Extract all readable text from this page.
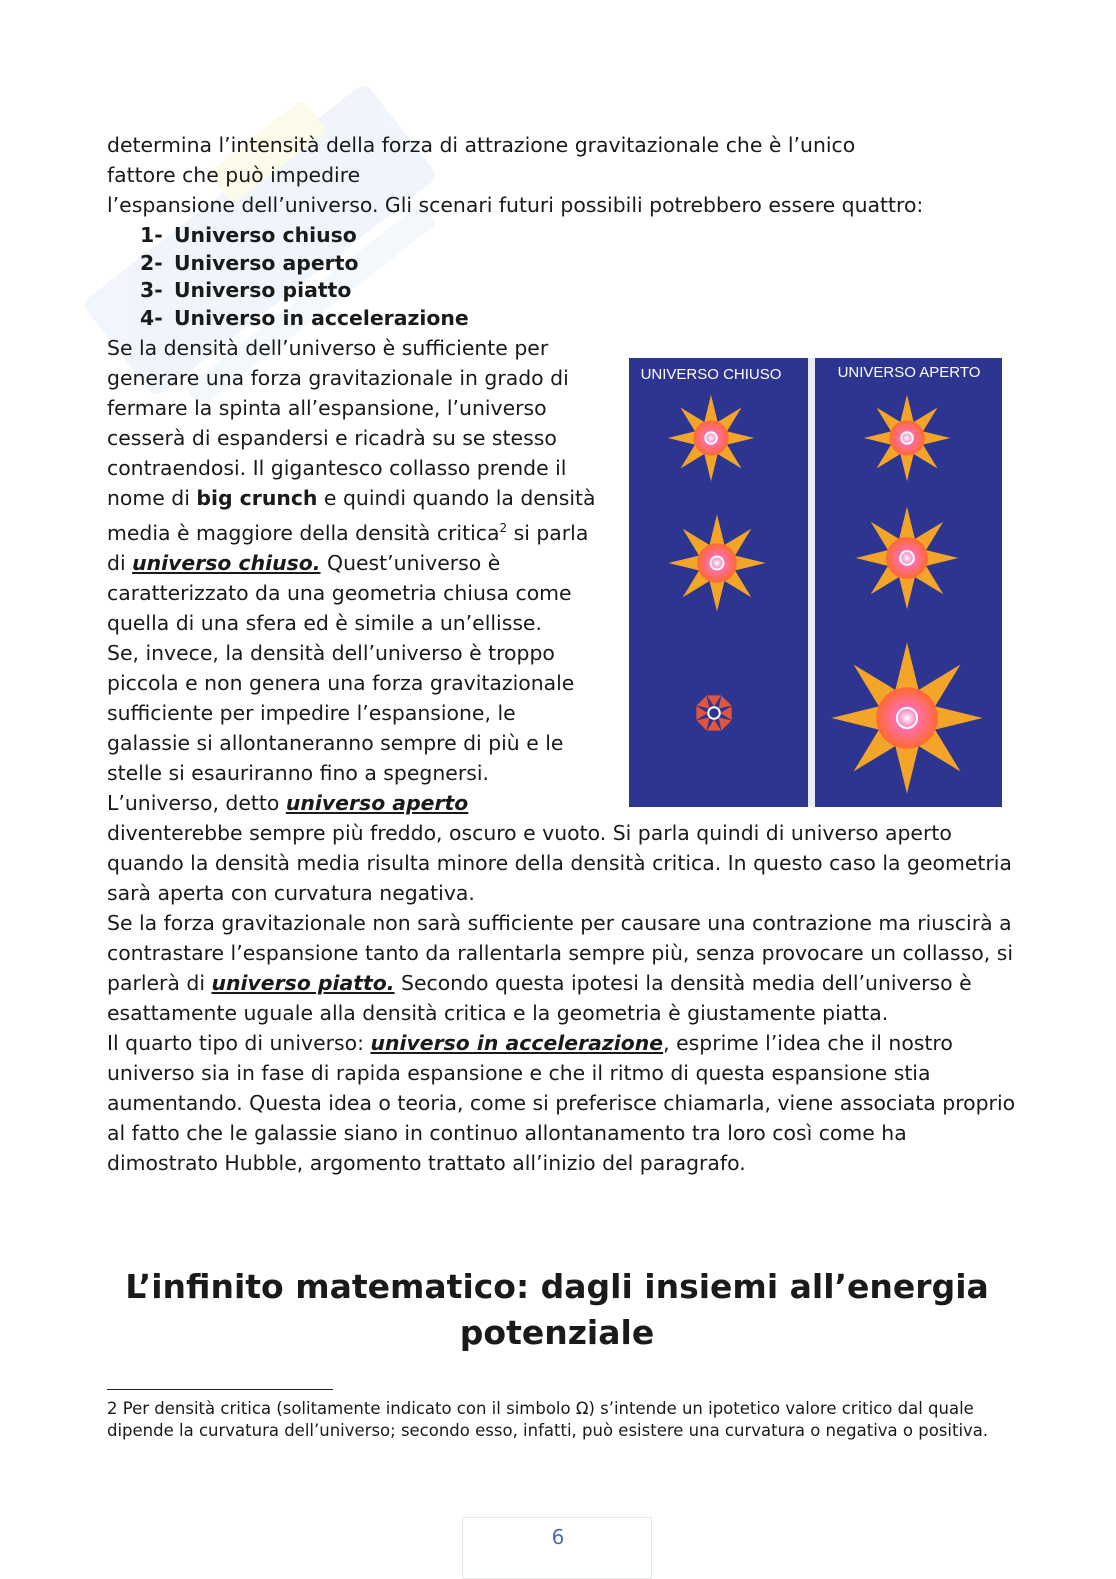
determina l’intensità della forza di attrazione gravitazionale che è l’unico
fattore che può impedire
l’espansione dell’universo. Gli scenari futuri possibili potrebbero essere quattro:
1- Universo chiuso
2- Universo aperto
3- Universo piatto
4- Universo in accelerazione
UNIVERSO CHIUSO	UNIVERSO APERTO
Se la densità dell’universo è sufficiente per generare una forza gravitazionale in grado di fermare la spinta all’espansione, l’universo cesserà di espandersi e ricadrà su se stesso contraendosi. Il gigantesco collasso prende il nome di big crunch e quindi quando la densità media è maggiore della densità critica$^2$ si parla di universo chiuso. Quest’universo è caratterizzato da una geometria chiusa come quella di una sfera ed è simile a un’ellisse.
Se, invece, la densità dell’universo è troppo piccola e non genera una forza gravitazionale sufficiente per impedire l’espansione, le galassie si allontaneranno sempre di più e le stelle si esauriranno fino a spegnersi. L’universo, detto universo aperto diventerebbe sempre più freddo, oscuro e vuoto. Si parla quindi di universo aperto quando la densità media risulta minore della densità critica. In questo caso la geometria sarà aperta con curvatura negativa.
Se la forza gravitazionale non sarà sufficiente per causare una contrazione ma riuscirà a contrastare l’espansione tanto da rallentarla sempre più, senza provocare un collasso, si parlerà di universo piatto. Secondo questa ipotesi la densità media dell’universo è esattamente uguale alla densità critica e la geometria è giustamente piatta.
Il quarto tipo di universo: universo in accelerazione, esprime l’idea che il nostro universo sia in fase di rapida espansione e che il ritmo di questa espansione stia aumentando. Questa idea o teoria, come si preferisce chiamarla, viene associata proprio al fatto che le galassie siano in continuo allontanamento tra loro così come ha dimostrato Hubble, argomento trattato all’inizio del paragrafo.
L’infinito matematico: dagli insiemi all’energia potenziale
2 Per densità critica (solitamente indicato con il simbolo Ω) s’intende un ipotetico valore critico dal quale dipende la curvatura dell’universo; secondo esso, infatti, può esistere una curvatura o negativa o positiva.
6
